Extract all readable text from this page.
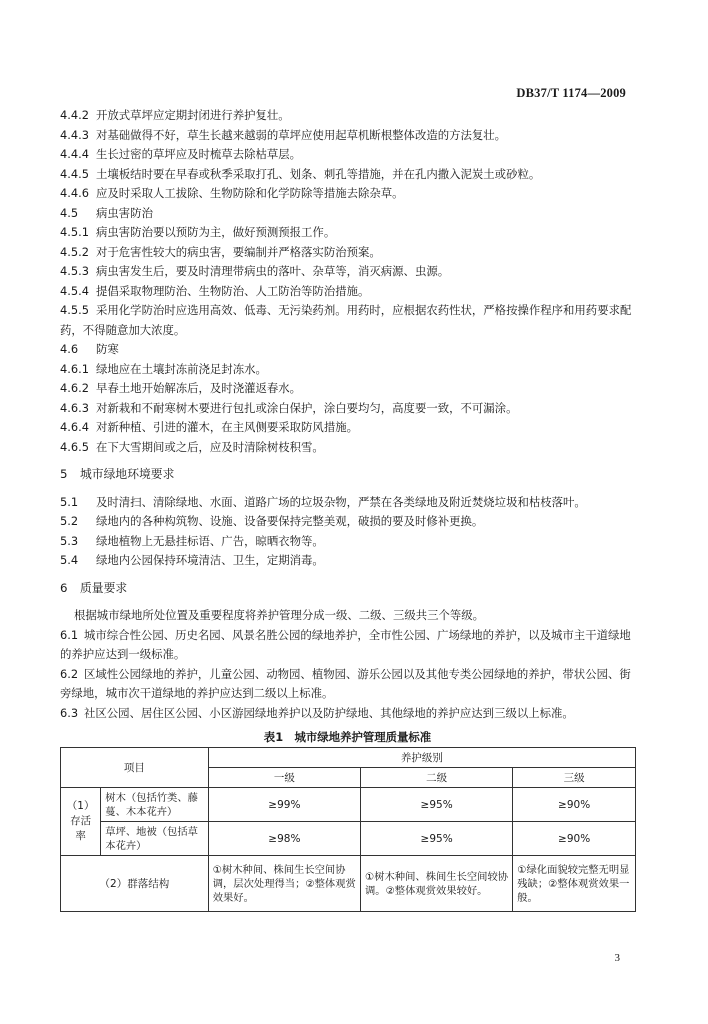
DB37/T 1174—2009
4.4.2 开放式草坪应定期封闭进行养护复壮。
4.4.3 对基础做得不好，草生长越来越弱的草坪应使用起草机断根整体改造的方法复壮。
4.4.4 生长过密的草坪应及时梳草去除枯草层。
4.4.5 土壤板结时要在早春或秋季采取打孔、划条、刺孔等措施，并在孔内撒入泥炭土或砂粒。
4.4.6 应及时采取人工拔除、生物防除和化学防除等措施去除杂草。
4.5 病虫害防治
4.5.1 病虫害防治要以预防为主，做好预测预报工作。
4.5.2 对于危害性较大的病虫害，要编制并严格落实防治预案。
4.5.3 病虫害发生后，要及时清理带病虫的落叶、杂草等，消灭病源、虫源。
4.5.4 提倡采取物理防治、生物防治、人工防治等防治措施。
4.5.5 采用化学防治时应选用高效、低毒、无污染药剂。用药时，应根据农药性状，严格按操作程序和用药要求配药，不得随意加大浓度。
4.6 防寒
4.6.1 绿地应在土壤封冻前浇足封冻水。
4.6.2 早春土地开始解冻后，及时浇灌返春水。
4.6.3 对新栽和不耐寒树木要进行包扎或涂白保护，涂白要均匀，高度要一致，不可漏涂。
4.6.4 对新种植、引进的灌木，在主风侧要采取防风措施。
4.6.5 在下大雪期间或之后，应及时清除树枝积雪。
5 城市绿地环境要求
5.1 及时清扫、清除绿地、水面、道路广场的垃圾杂物，严禁在各类绿地及附近焚烧垃圾和枯枝落叶。
5.2 绿地内的各种构筑物、设施、设备要保持完整美观，破损的要及时修补更换。
5.3 绿地植物上无悬挂标语、广告，晾晒衣物等。
5.4 绿地内公园保持环境清洁、卫生，定期消毒。
6 质量要求
根据城市绿地所处位置及重要程度将养护管理分成一级、二级、三级共三个等级。
6.1 城市综合性公园、历史名园、风景名胜公园的绿地养护，全市性公园、广场绿地的养护，以及城市主干道绿地的养护应达到一级标准。
6.2 区域性公园绿地的养护，儿童公园、动物园、植物园、游乐公园以及其他专类公园绿地的养护，带状公园、街旁绿地，城市次干道绿地的养护应达到二级以上标准。
6.3 社区公园、居住区公园、小区游园绿地养护以及防护绿地、其他绿地的养护应达到三级以上标准。
表1　城市绿地养护管理质量标准
项目		养护级别		
		一级	二级	三级
（1）存活率	树木（包括竹类、藤蔓、木本花卉）	≥99%	≥95%	≥90%
	草坪、地被（包括草本花卉）	≥98%	≥95%	≥90%
（2）群落结构		①树木种间、株间生长空间协调，层次处理得当；②整体观赏效果好。	①树木种间、株间生长空间较协调。②整体观赏效果较好。	①绿化面貌较完整无明显残缺；②整体观赏效果一般。
3
